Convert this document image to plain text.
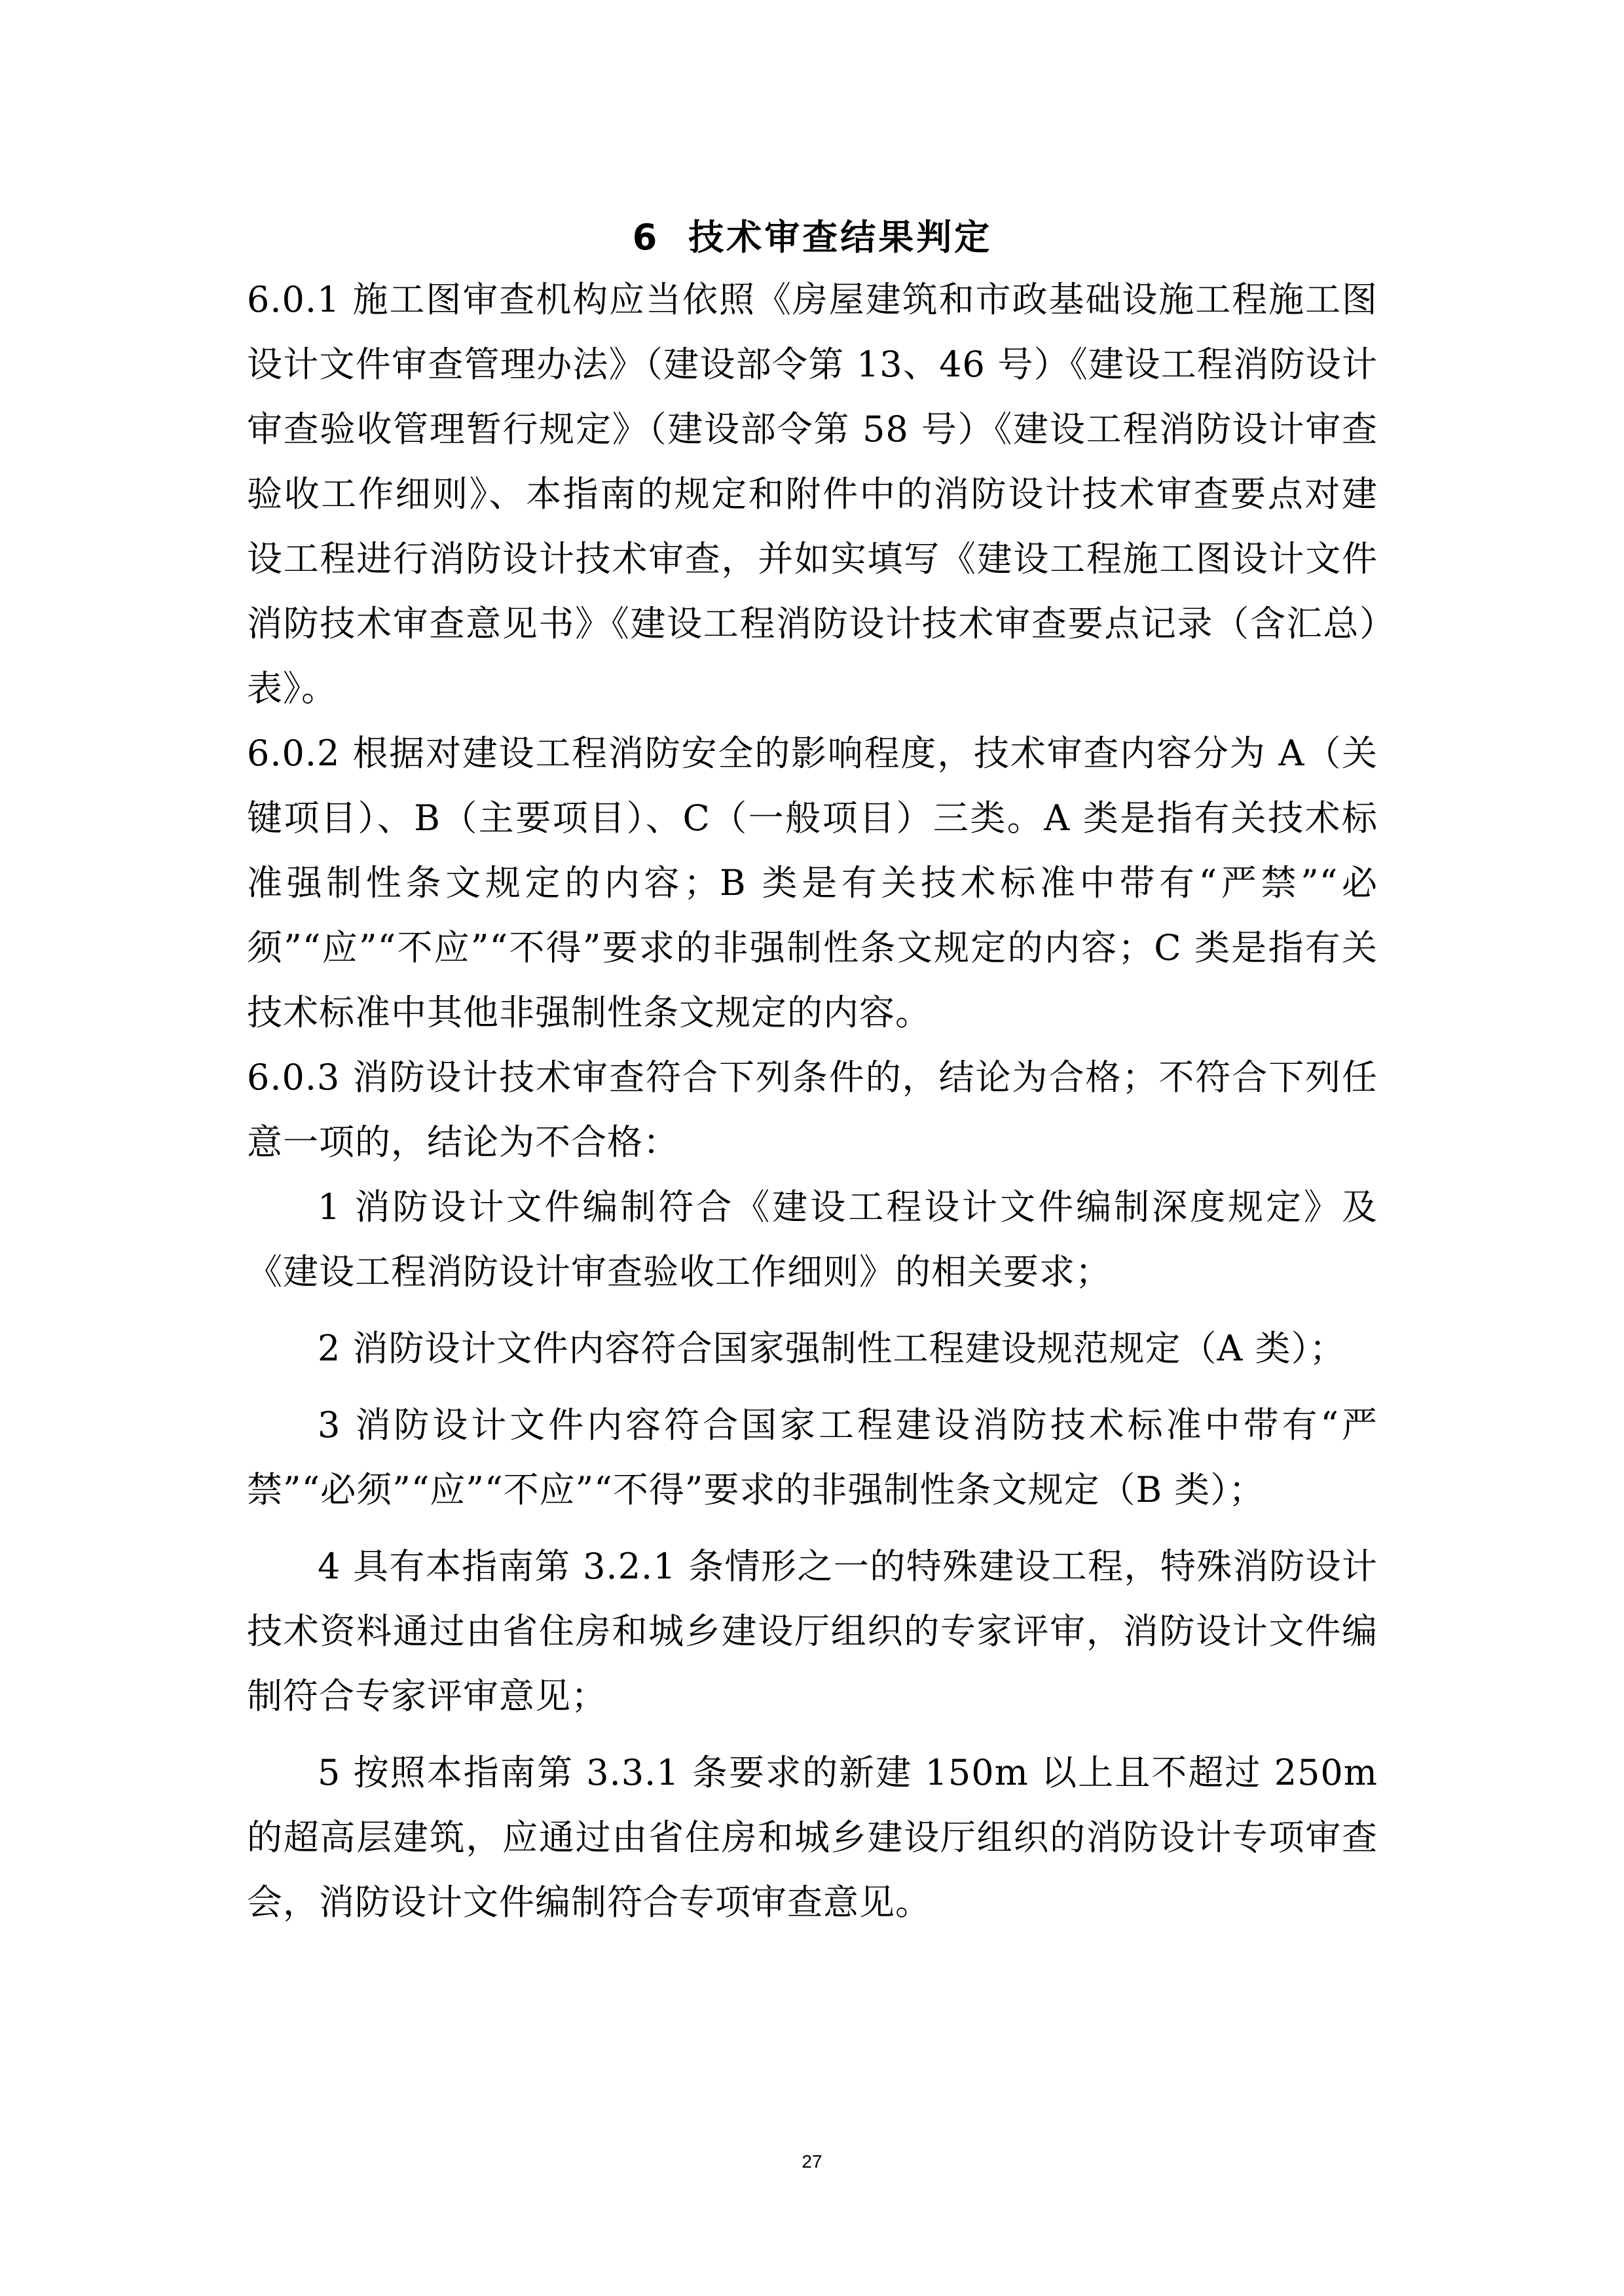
6 技术审查结果判定

6.0.1 施工图审查机构应当依照《房屋建筑和市政基础设施工程施工图设计文件审查管理办法》（建设部令第 13、46 号）《建设工程消防设计审查验收管理暂行规定》（建设部令第 58 号）《建设工程消防设计审查验收工作细则》、本指南的规定和附件中的消防设计技术审查要点对建设工程进行消防设计技术审查，并如实填写《建设工程施工图设计文件消防技术审查意见书》《建设工程消防设计技术审查要点记录（含汇总）表》。

6.0.2 根据对建设工程消防安全的影响程度，技术审查内容分为 A（关键项目）、B（主要项目）、C（一般项目）三类。A 类是指有关技术标准强制性条文规定的内容；B 类是有关技术标准中带有“严禁”“必须”“应”“不应”“不得”要求的非强制性条文规定的内容；C 类是指有关技术标准中其他非强制性条文规定的内容。

6.0.3 消防设计技术审查符合下列条件的，结论为合格；不符合下列任意一项的，结论为不合格：

1 消防设计文件编制符合《建设工程设计文件编制深度规定》及《建设工程消防设计审查验收工作细则》的相关要求；

2 消防设计文件内容符合国家强制性工程建设规范规定（A 类）；

3 消防设计文件内容符合国家工程建设消防技术标准中带有“严禁”“必须”“应”“不应”“不得”要求的非强制性条文规定（B 类）；

4 具有本指南第 3.2.1 条情形之一的特殊建设工程，特殊消防设计技术资料通过由省住房和城乡建设厅组织的专家评审，消防设计文件编制符合专家评审意见；

5 按照本指南第 3.3.1 条要求的新建 150m 以上且不超过 250m 的超高层建筑，应通过由省住房和城乡建设厅组织的消防设计专项审查会，消防设计文件编制符合专项审查意见。

27
